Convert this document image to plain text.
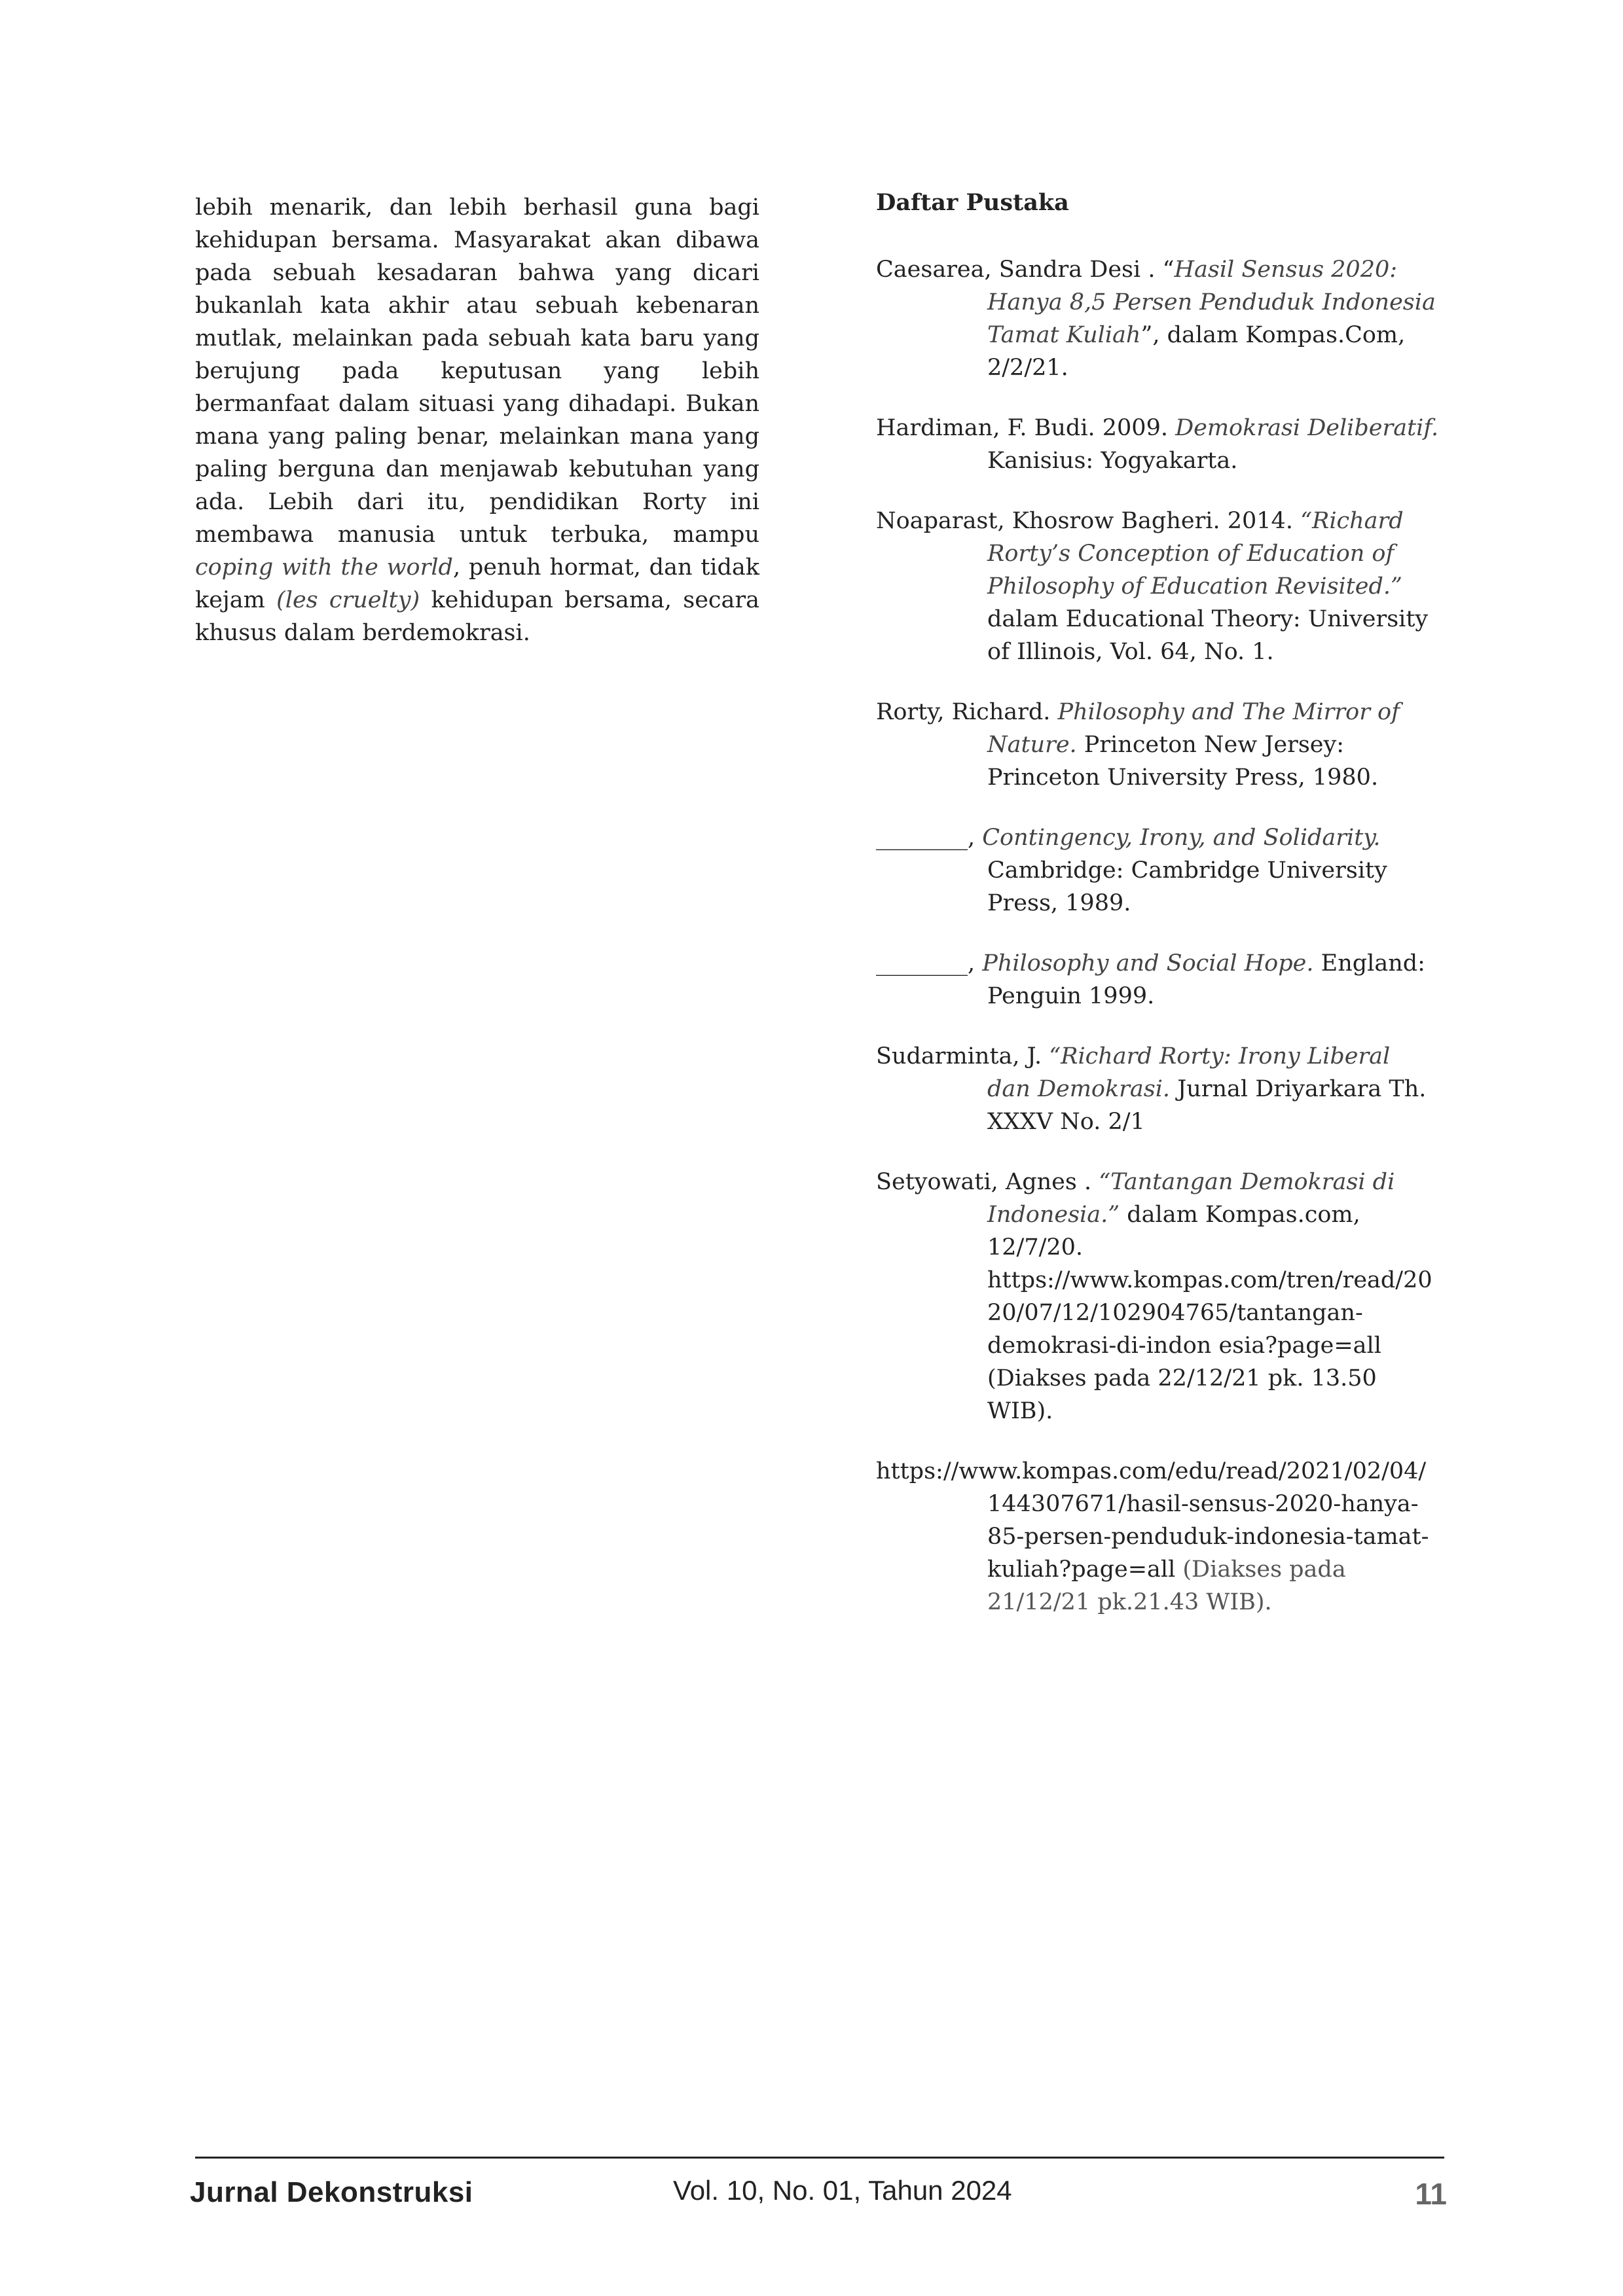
lebih menarik, dan lebih berhasil guna bagi kehidupan bersama. Masyarakat akan dibawa pada sebuah kesadaran bahwa yang dicari bukanlah kata akhir atau sebuah kebenaran mutlak, melainkan pada sebuah kata baru yang berujung pada keputusan yang lebih bermanfaat dalam situasi yang dihadapi. Bukan mana yang paling benar, melainkan mana yang paling berguna dan menjawab kebutuhan yang ada. Lebih dari itu, pendidikan Rorty ini membawa manusia untuk terbuka, mampu coping with the world, penuh hormat, dan tidak kejam (les cruelty) kehidupan bersama, secara khusus dalam berdemokrasi.

Daftar Pustaka
Caesarea, Sandra Desi . “Hasil Sensus 2020: Hanya 8,5 Persen Penduduk Indonesia Tamat Kuliah”, dalam Kompas.Com, 2/2/21.
Hardiman, F. Budi. 2009. Demokrasi Deliberatif. Kanisius: Yogyakarta.
Noaparast, Khosrow Bagheri. 2014. “Richard Rorty’s Conception of Education of Philosophy of Education Revisited.” dalam Educational Theory: University of Illinois, Vol. 64, No. 1.
Rorty, Richard. Philosophy and The Mirror of Nature. Princeton New Jersey: Princeton University Press, 1980.
________, Contingency, Irony, and Solidarity. Cambridge: Cambridge University Press, 1989.
________, Philosophy and Social Hope. England: Penguin 1999.
Sudarminta, J. “Richard Rorty: Irony Liberal dan Demokrasi. Jurnal Driyarkara Th. XXXV No. 2/1
Setyowati, Agnes . “Tantangan Demokrasi di Indonesia.” dalam Kompas.com, 12/7/20. https://www.kompas.com/tren/read/2020/07/12/102904765/tantangan-demokrasi-di-indon esia?page=all (Diakses pada 22/12/21 pk. 13.50 WIB).
https://www.kompas.com/edu/read/2021/02/04/144307671/hasil-sensus-2020-hanya-85-persen-penduduk-indonesia-tamat-kuliah?page=all (Diakses pada 21/12/21 pk.21.43 WIB).
Jurnal Dekonstruksi	Vol. 10, No. 01, Tahun 2024	11
